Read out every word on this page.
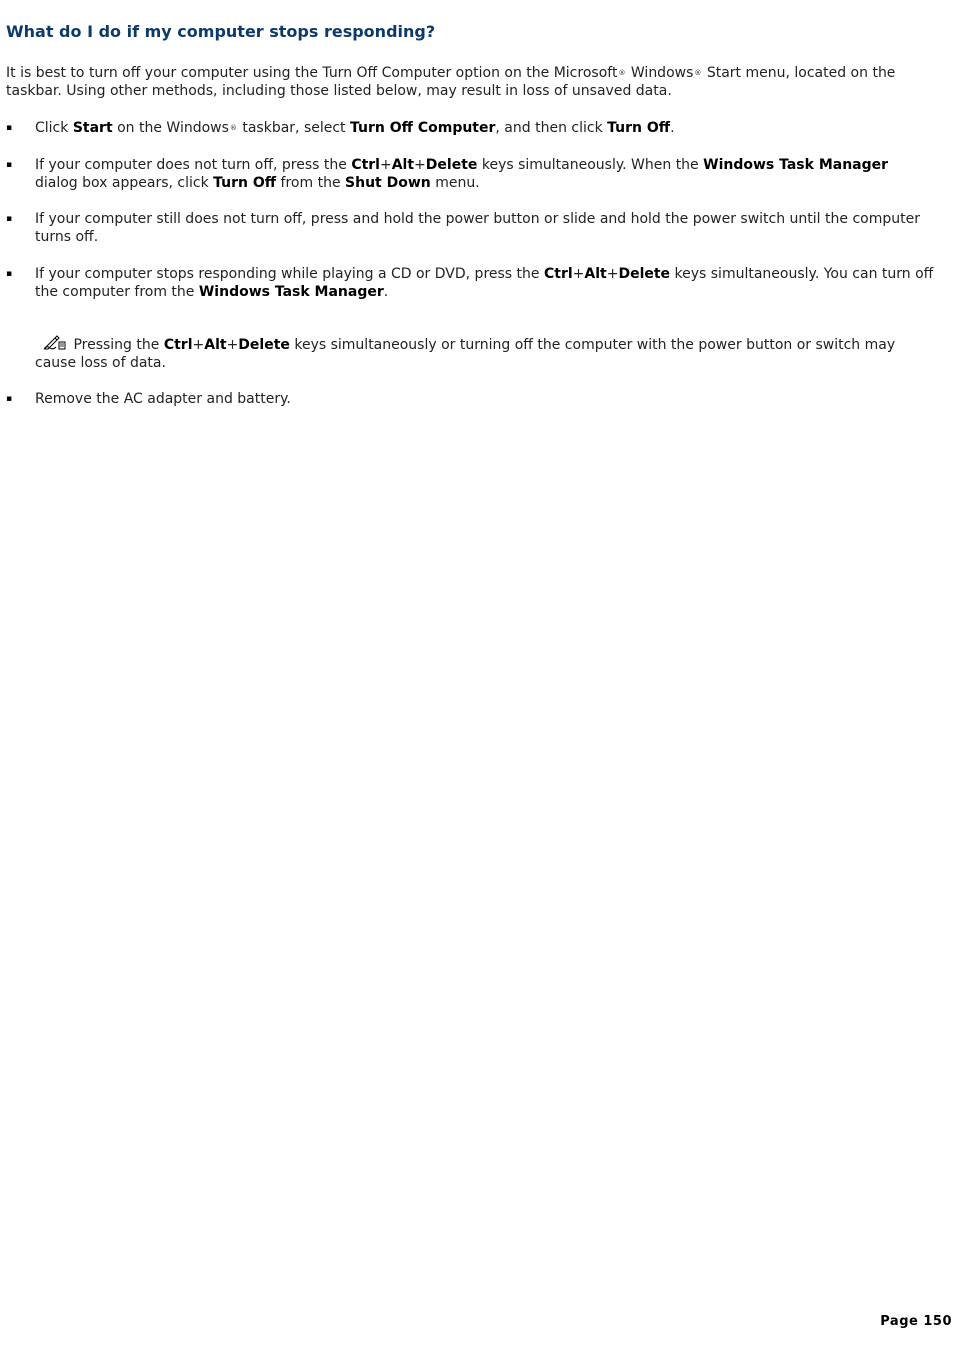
What do I do if my computer stops responding?

It is best to turn off your computer using the Turn Off Computer option on the Microsoft® Windows® Start menu, located on the taskbar. Using other methods, including those listed below, may result in loss of unsaved data.

▪ Click Start on the Windows® taskbar, select Turn Off Computer, and then click Turn Off.
▪ If your computer does not turn off, press the Ctrl+Alt+Delete keys simultaneously. When the Windows Task Manager dialog box appears, click Turn Off from the Shut Down menu.
▪ If your computer still does not turn off, press and hold the power button or slide and hold the power switch until the computer turns off.
▪ If your computer stops responding while playing a CD or DVD, press the Ctrl+Alt+Delete keys simultaneously. You can turn off the computer from the Windows Task Manager.
Pressing the Ctrl+Alt+Delete keys simultaneously or turning off the computer with the power button or switch may cause loss of data.
▪ Remove the AC adapter and battery.
Page 150
